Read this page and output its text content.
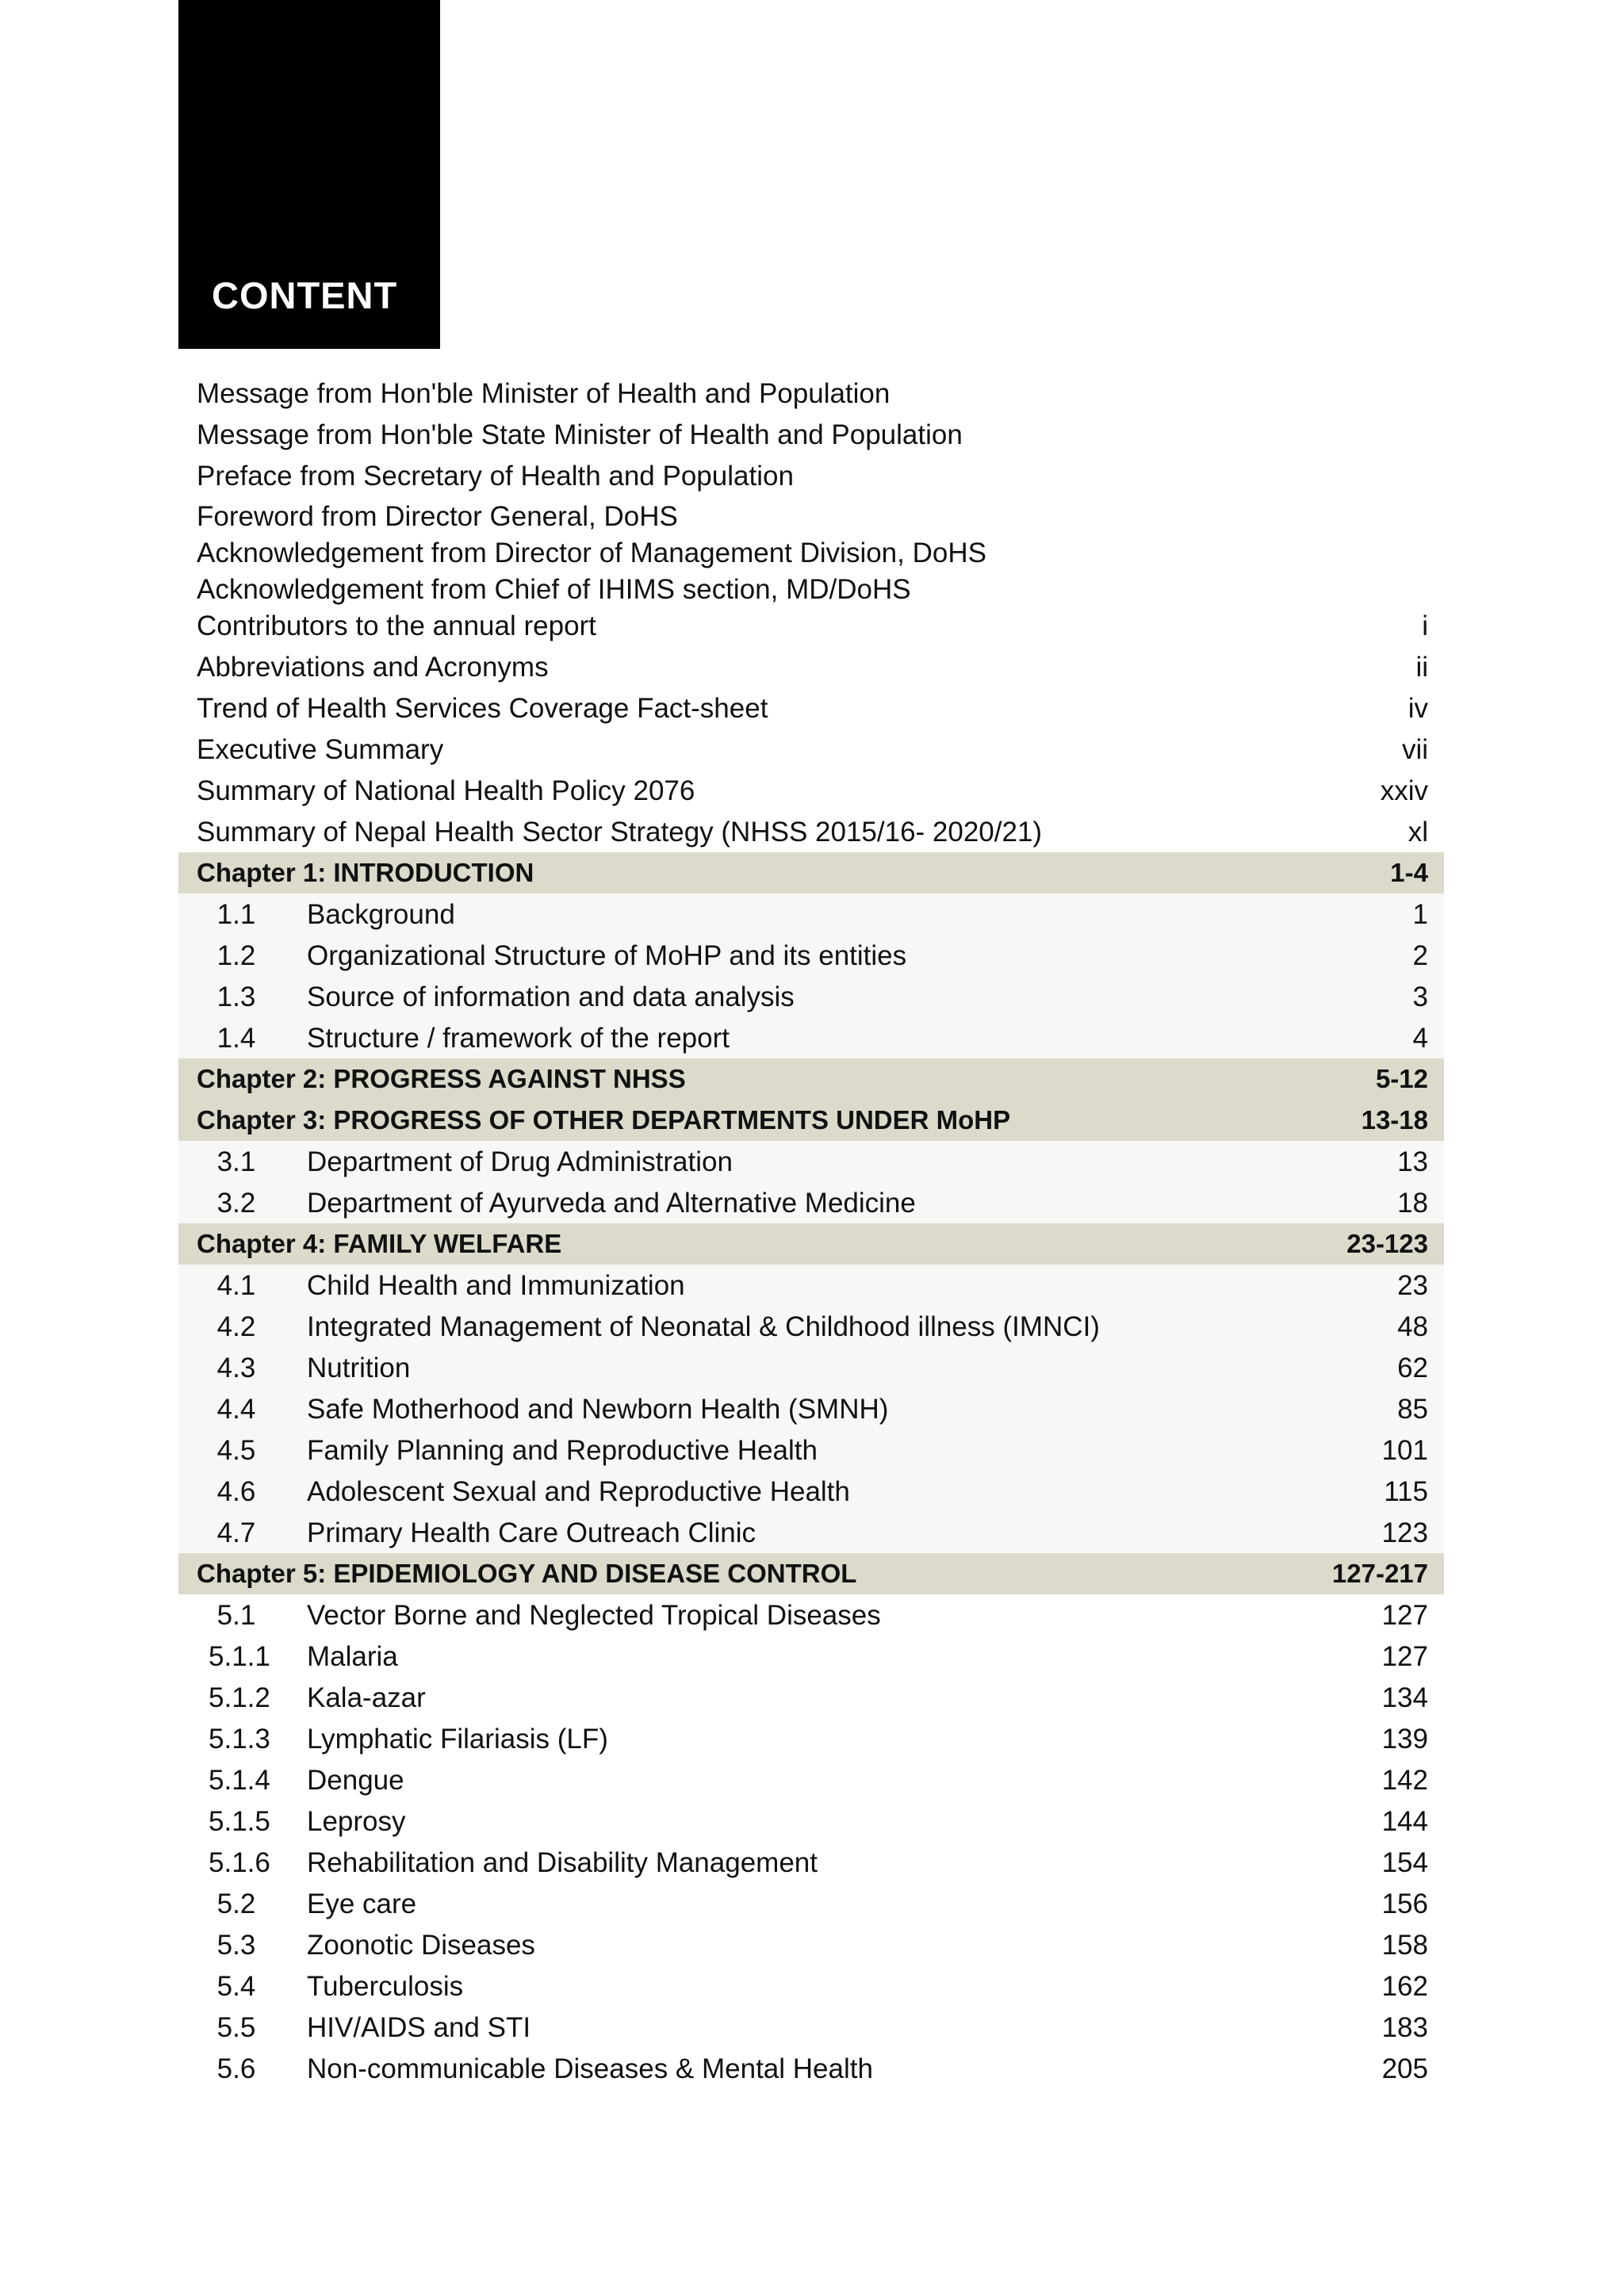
CONTENT
Message from Hon'ble Minister of Health and Population
Message from Hon'ble State Minister of Health and Population
Preface from Secretary of Health and Population
Foreword from Director General, DoHS
Acknowledgement from Director of Management Division, DoHS
Acknowledgement from Chief of IHIMS section, MD/DoHS
Contributors to the annual report	i
Abbreviations and Acronyms	ii
Trend of Health Services Coverage Fact-sheet	iv
Executive Summary	vii
Summary of National Health Policy 2076	xxiv
Summary of Nepal Health Sector Strategy (NHSS 2015/16- 2020/21)	xl
Chapter 1: INTRODUCTION	1-4
1.1	Background	1
1.2	Organizational Structure of MoHP and its entities	2
1.3	Source of information and data analysis	3
1.4	Structure / framework of the report	4
Chapter 2: PROGRESS AGAINST NHSS	5-12
Chapter 3: PROGRESS OF OTHER DEPARTMENTS UNDER MoHP	13-18
3.1	Department of Drug Administration	13
3.2	Department of Ayurveda and Alternative Medicine	18
Chapter 4: FAMILY WELFARE	23-123
4.1	Child Health and Immunization	23
4.2	Integrated Management of Neonatal & Childhood illness (IMNCI)	48
4.3	Nutrition	62
4.4	Safe Motherhood and Newborn Health (SMNH)	85
4.5	Family Planning and Reproductive Health	101
4.6	Adolescent Sexual and Reproductive Health	115
4.7	Primary Health Care Outreach Clinic	123
Chapter 5: EPIDEMIOLOGY AND DISEASE CONTROL	127-217
5.1	Vector Borne and Neglected Tropical Diseases	127
5.1.1 Malaria	127
5.1.2 Kala-azar	134
5.1.3 Lymphatic Filariasis (LF)	139
5.1.4 Dengue	142
5.1.5 Leprosy	144
5.1.6 Rehabilitation and Disability Management	154
5.2	Eye care	156
5.3	Zoonotic Diseases	158
5.4	Tuberculosis	162
5.5	HIV/AIDS and STI	183
5.6	Non-communicable Diseases & Mental Health	205
